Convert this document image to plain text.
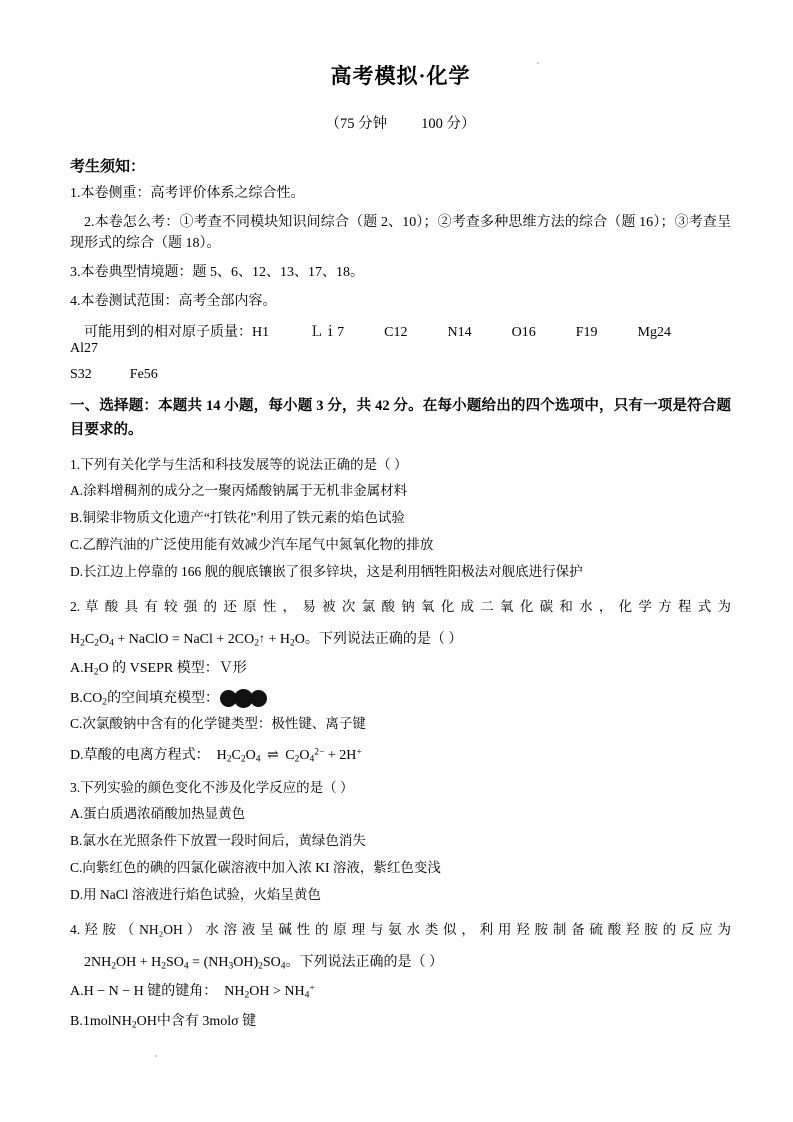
高考模拟·化学
（75 分钟 100 分）
考生须知：

1.本卷侧重：高考评价体系之综合性。

2.本卷怎么考：①考查不同模块知识间综合（题 2、10）；②考查多种思维方法的综合（题 16）；③考查呈现形式的综合（题 18）。

3.本卷典型情境题：题 5、6、12、13、17、18。

4.本卷测试范围：高考全部内容。

可能用到的相对原子质量：H1	Ｌｉ7	C12	N14	O16	F19	Mg24Al27
S32	Fe56
一、选择题：本题共 14 小题，每小题 3 分，共 42 分。在每小题给出的四个选项中，只有一项是符合题目要求的。

1.下列有关化学与生活和科技发展等的说法正确的是（ ）

A.涂料增稠剂的成分之一聚丙烯酸钠属于无机非金属材料

B.铜梁非物质文化遗产“打铁花”利用了铁元素的焰色试验

C.乙醇汽油的广泛使用能有效减少汽车尾气中氮氧化物的排放

D.长江边上停靠的 166 舰的舰底镶嵌了很多锌块，这是利用牺牲阳极法对舰底进行保护

2. 草 酸 具 有 较 强 的 还 原 性 ， 易 被 次 氯 酸 钠 氧 化 成 二 氧 化 碳 和 水 ， 化 学 方 程 式 为

$H_2C_2O_4$ + NaClO = NaCl + $2CO_2↑ + H_2O$。下列说法正确的是（ ）

$A.H_2O$ 的 VSEPR 模型：Ｖ形

$B.CO_2$的空间填充模型：

C.次氯酸钠中含有的化学键类型：极性键、离子键

D.草酸的电离方程式：  $H_2C_2O_4$ ⇌ $C_2O_4^{2-} + 2H^+$

3.下列实验的颜色变化不涉及化学反应的是（ ）

A.蛋白质遇浓硝酸加热显黄色

B.氯水在光照条件下放置一段时间后，黄绿色消失

C.向紫红色的碘的四氯化碳溶液中加入浓 KI 溶液，紫红色变浅

D.用 NaCl 溶液进行焰色试验，火焰呈黄色

4. 羟 胺 （ NH₂OH ） 水 溶 液 呈 碱 性 的 原 理 与 氨 水 类 似 ， 利 用 羟 胺 制 备 硫 酸 羟 胺 的 反 应 为

$2NH_2OH + H_2SO_4 = (NH_3OH)_2SO_4$。下列说法正确的是（ ）

A.H − N − H 键的键角：  $NH_2OH > NH_4^+$

B.1molNH$_2$OH中含有 3molσ 键
